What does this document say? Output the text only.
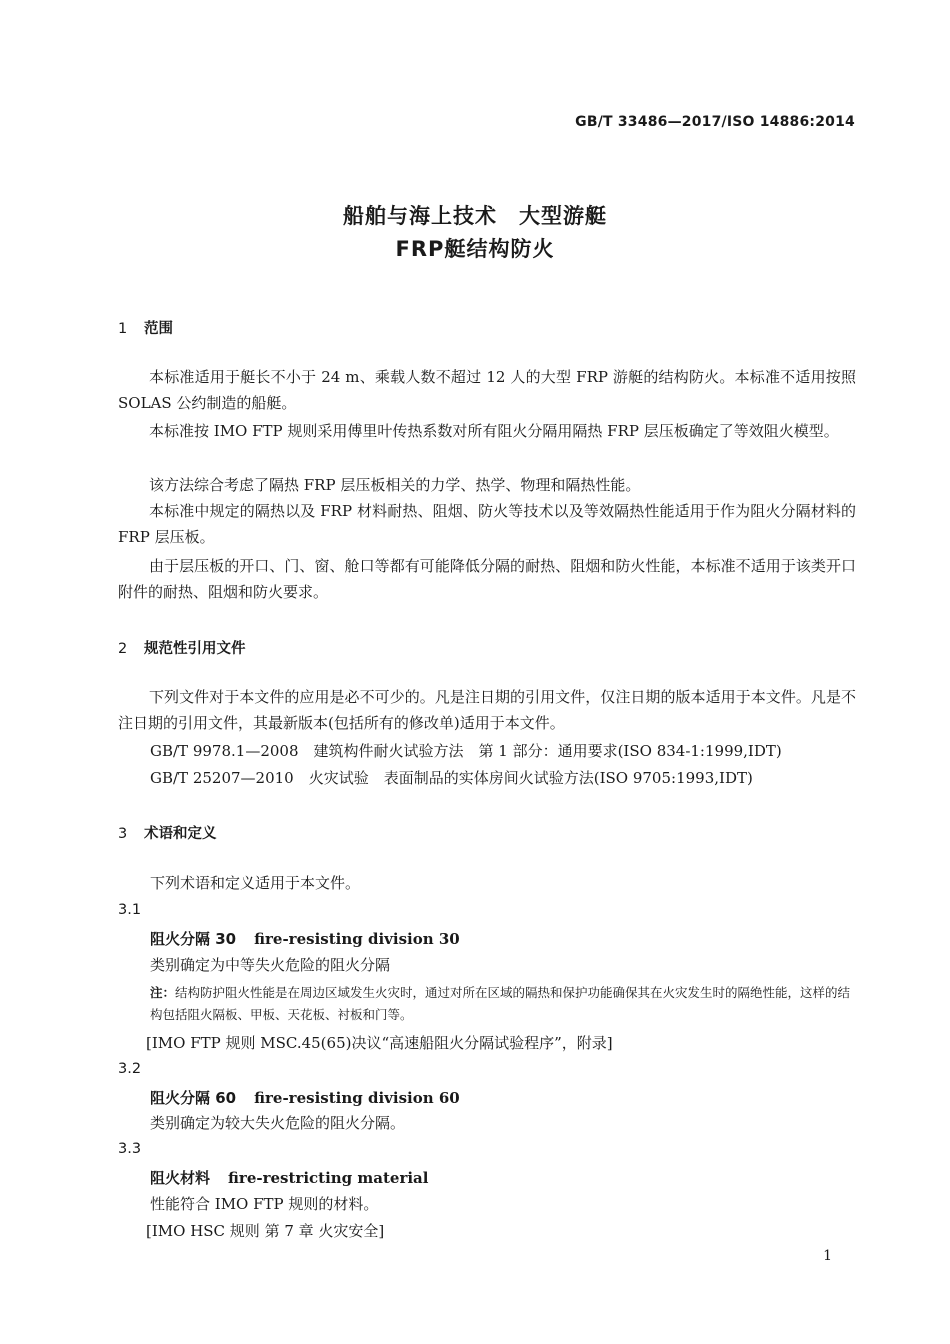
GB/T 33486—2017/ISO 14886:2014
船舶与海上技术　大型游艇
FRP艇结构防火
1 范围
本标准适用于艇长不小于 24 m、乘载人数不超过 12 人的大型 FRP 游艇的结构防火。本标准不适用按照 SOLAS 公约制造的船艇。
本标准按 IMO FTP 规则采用傅里叶传热系数对所有阻火分隔用隔热 FRP 层压板确定了等效阻火模型。
该方法综合考虑了隔热 FRP 层压板相关的力学、热学、物理和隔热性能。
本标准中规定的隔热以及 FRP 材料耐热、阻烟、防火等技术以及等效隔热性能适用于作为阻火分隔材料的 FRP 层压板。
由于层压板的开口、门、窗、舱口等都有可能降低分隔的耐热、阻烟和防火性能，本标准不适用于该类开口附件的耐热、阻烟和防火要求。
2 规范性引用文件
下列文件对于本文件的应用是必不可少的。凡是注日期的引用文件，仅注日期的版本适用于本文件。凡是不注日期的引用文件，其最新版本(包括所有的修改单)适用于本文件。
GB/T 9978.1—2008　建筑构件耐火试验方法　第 1 部分：通用要求(ISO 834-1:1999,IDT)
GB/T 25207—2010　火灾试验　表面制品的实体房间火试验方法(ISO 9705:1993,IDT)
3 术语和定义
下列术语和定义适用于本文件。
3.1
阻火分隔 30 fire-resisting division 30
类别确定为中等失火危险的阻火分隔
注：结构防护阻火性能是在周边区域发生火灾时，通过对所在区域的隔热和保护功能确保其在火灾发生时的隔绝性能，这样的结构包括阻火隔板、甲板、天花板、衬板和门等。
[IMO FTP 规则 MSC.45(65)决议“高速船阻火分隔试验程序”，附录]
3.2
阻火分隔 60 fire-resisting division 60
类别确定为较大失火危险的阻火分隔。
3.3
阻火材料 fire-restricting material
性能符合 IMO FTP 规则的材料。
[IMO HSC 规则 第 7 章 火灾安全]
1
